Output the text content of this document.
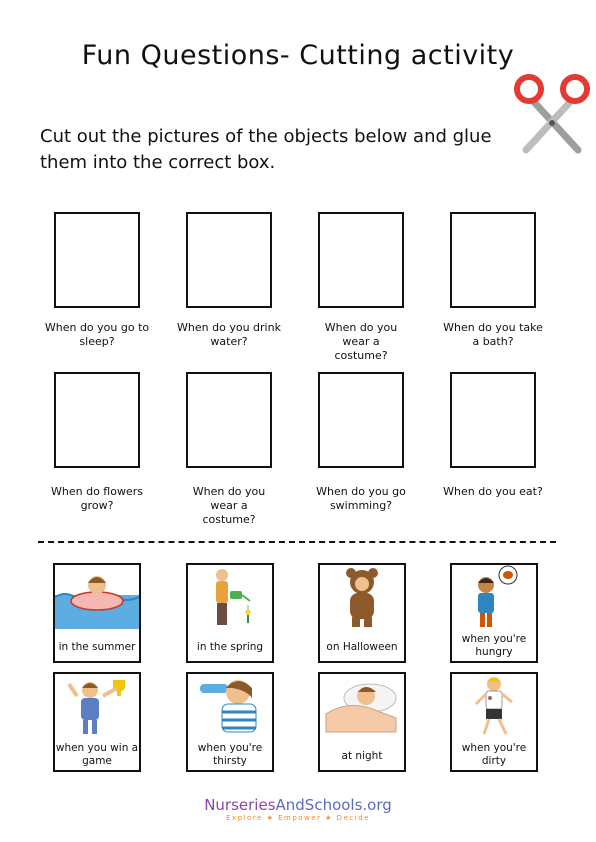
Fun Questions- Cutting activity
Cut out the pictures of the objects below and glue them into the correct box.
When do you go to sleep?
When do you drink water?
When do you wear a costume?
When do you take a bath?
When do flowers grow?
When do you wear a costume?
When do you go swimming?
When do you eat?
in the summer	in the spring	on Halloween
when you're hungry
when you win a game
when you're thirsty	at night
when you're dirty
NurseriesAndSchools.org
Explore ★ Empower ★ Decide
